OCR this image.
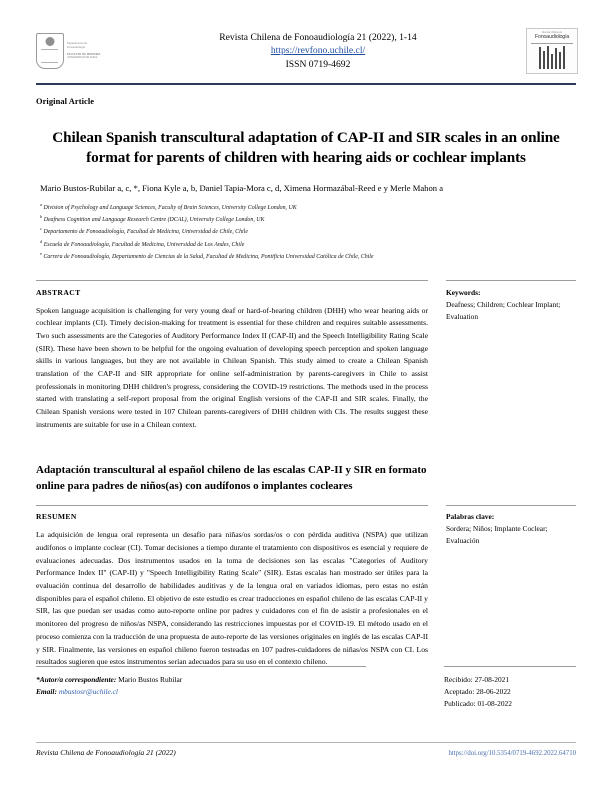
Departamento de
Fonoaudiología
FACULTAD DE MEDICINA
UNIVERSIDAD DE CHILE
Revista Chilena de Fonoaudiología 21 (2022), 1-14
https://revfono.uchile.cl/
ISSN 0719-4692
Revista Chilena de
Fonoaudiología
Original Article
Chilean Spanish transcultural adaptation of CAP-II and SIR scales in an online format for parents of children with hearing aids or cochlear implants
Mario Bustos-Rubilar a, c, *, Fiona Kyle a, b, Daniel Tapia-Mora c, d, Ximena Hormazábal-Reed e y Merle Mahon a
$^a$ Division of Psychology and Language Sciences, Faculty of Brain Sciences, University College London, UK
$^b$ Deafness Cognition and Language Research Centre (DCAL), University College London, UK
$^c$ Departamento de Fonoaudiología, Facultad de Medicina, Universidad de Chile, Chile
$^d$ Escuela de Fonoaudiología, Facultad de Medicina, Universidad de Los Andes, Chile
$^e$ Carrera de Fonoaudiología, Departamento de Ciencias de la Salud, Facultad de Medicina, Pontificia Universidad Católica de Chile, Chile
ABSTRACT
Spoken language acquisition is challenging for very young deaf or hard-of-hearing children (DHH) who wear hearing aids or cochlear implants (CI). Timely decision-making for treatment is essential for these children and requires suitable assessments. Two such assessments are the Categories of Auditory Performance Index II (CAP-II) and the Speech Intelligibility Rating Scale (SIR). These have been shown to be helpful for the ongoing evaluation of developing speech perception and spoken language skills in various languages, but they are not available in Chilean Spanish. This study aimed to create a Chilean Spanish translation of the CAP-II and SIR appropriate for online self-administration by parents-caregivers in Chile to assist professionals in monitoring DHH children's progress, considering the COVID-19 restrictions. The methods used in the process started with translating a self-report proposal from the original English versions of the CAP-II and SIR scales. Finally, the Chilean Spanish versions were tested in 107 Chilean parents-caregivers of DHH children with CIs. The results suggest these instruments are suitable for use in a Chilean context.
Keywords:
Deafness; Children; Cochlear Implant; Evaluation
Adaptación transcultural al español chileno de las escalas CAP-II y SIR en formato online para padres de niños(as) con audífonos o implantes cocleares
RESUMEN
La adquisición de lengua oral representa un desafío para niñas/os sordas/os o con pérdida auditiva (NSPA) que utilizan audífonos o implante coclear (CI). Tomar decisiones a tiempo durante el tratamiento con dispositivos es esencial y requiere de evaluaciones adecuadas. Dos instrumentos usados en la toma de decisiones son las escalas "Categories of Auditory Performance Index II" (CAP-II) y "Speech Intelligibility Rating Scale" (SIR). Estas escalas han mostrado ser útiles para la evaluación continua del desarrollo de habilidades auditivas y de la lengua oral en variados idiomas, pero estas no están disponibles para el español chileno. El objetivo de este estudio es crear traducciones en español chileno de las escalas CAP-II y SIR, las que puedan ser usadas como auto-reporte online por padres y cuidadores con el fin de asistir a profesionales en el monitoreo del progreso de niños/as NSPA, considerando las restricciones impuestas por el COVID-19. El método usado en el proceso comienza con la traducción de una propuesta de auto-reporte de las versiones originales en inglés de las escalas CAP-II y SIR. Finalmente, las versiones en español chileno fueron testeadas en 107 padres-cuidadores de niñas/os NSPA con CI. Los resultados sugieren que estos instrumentos serían adecuados para su uso en el contexto chileno.
Palabras clave:
Sordera; Niños; Implante Coclear; Evaluación
*Autor/a correspondiente: Mario Bustos Rubilar
Email: mbustosr@uchile.cl
Recibido: 27-08-2021
Aceptado: 28-06-2022
Publicado: 01-08-2022
Revista Chilena de Fonoaudiología 21 (2022)	https://doi.org/10.5354/0719-4692.2022.64710
